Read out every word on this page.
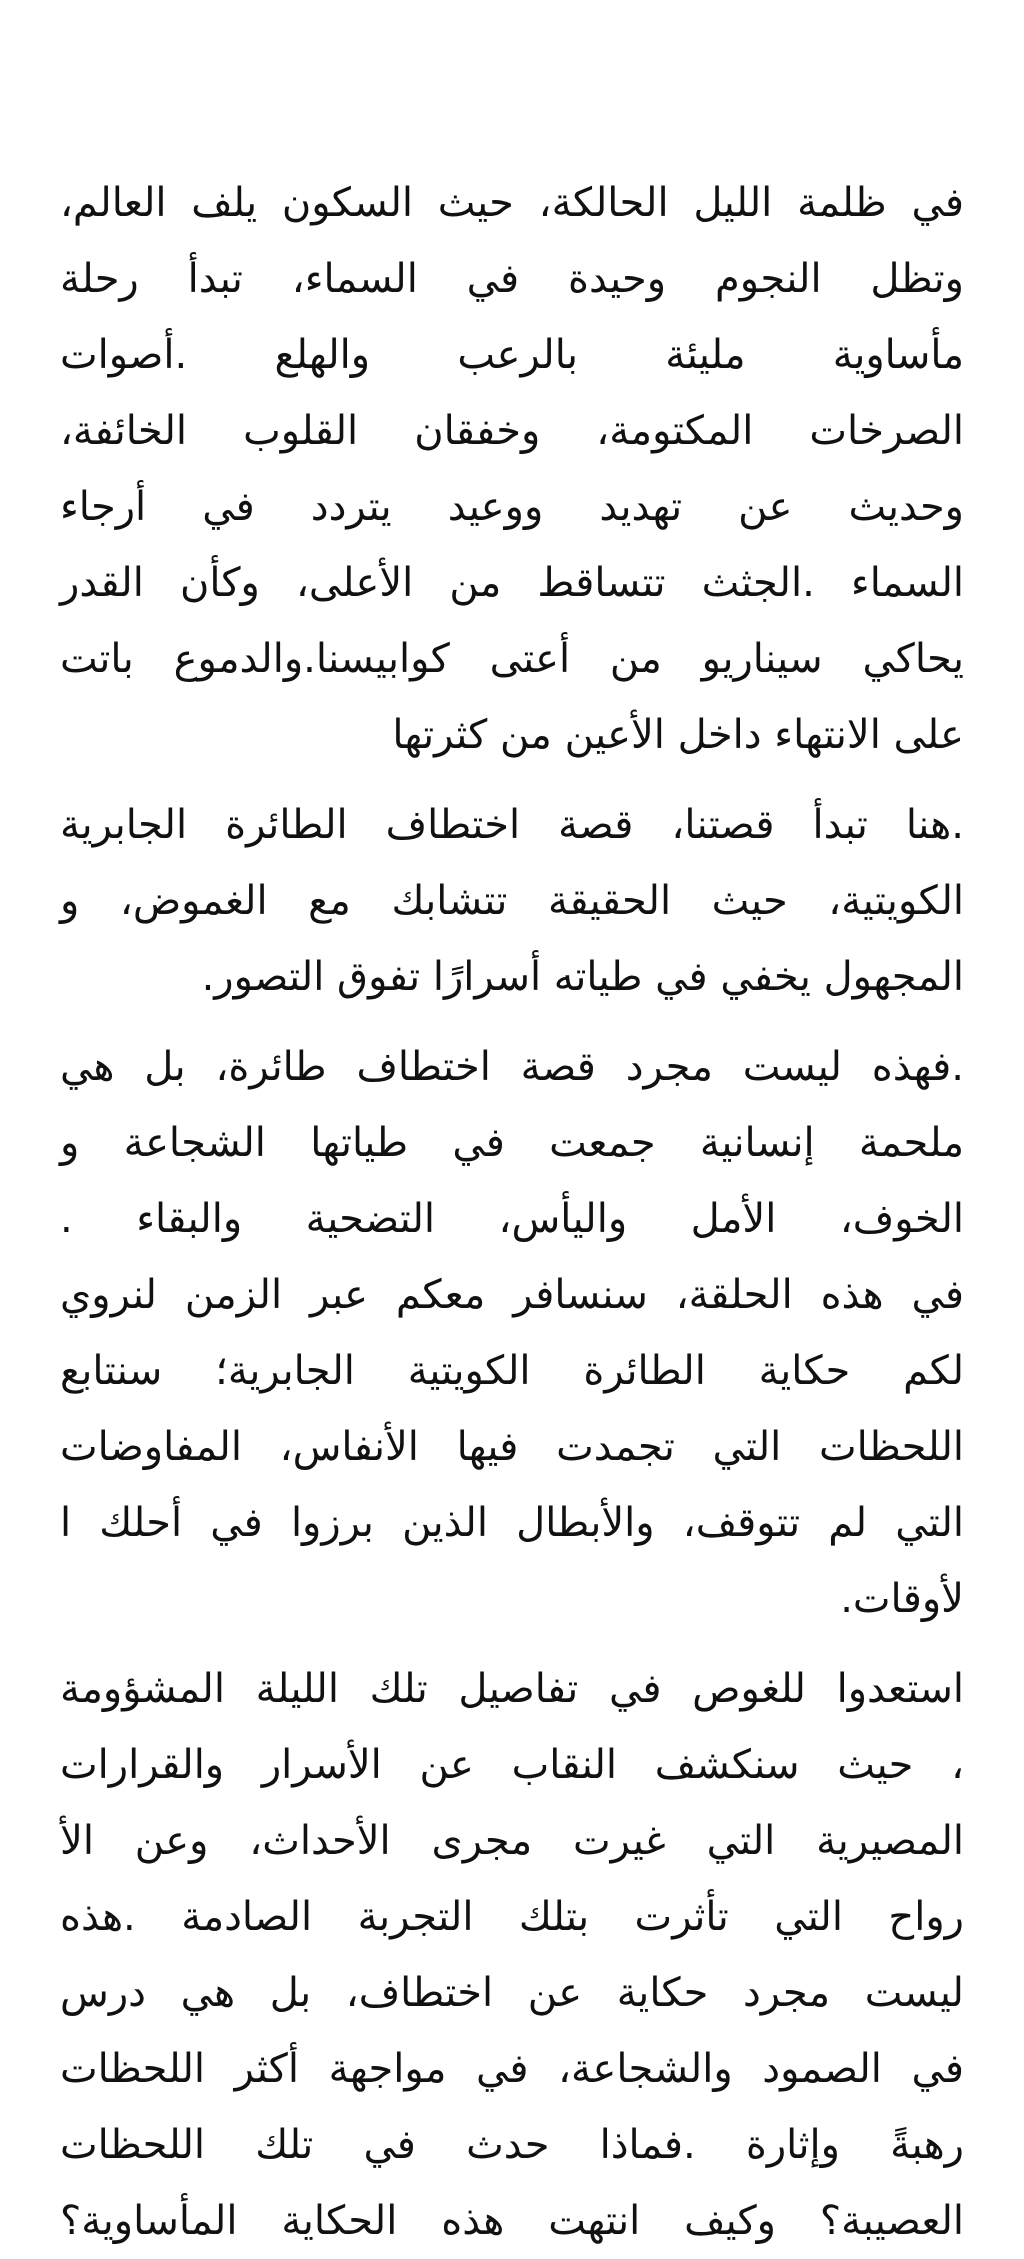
في ظلمة الليل الحالكة، حيث السكون يلف العالم،
وتظل النجوم وحيدة في السماء، تبدأ رحلة
مأساوية مليئة بالرعب والهلع .أصوات
الصرخات المكتومة، وخفقان القلوب الخائفة،
وحديث عن تهديد ووعيد يتردد في أرجاء
السماء .الجثث تتساقط من الأعلى، وكأن القدر
يحاكي سيناريو من أعتى كوابيسنا.والدموع باتت
على الانتهاء داخل الأعين من كثرتها
.هنا تبدأ قصتنا، قصة اختطاف الطائرة الجابرية
الكويتية، حيث الحقيقة تتشابك مع الغموض، و
المجهول يخفي في طياته أسرارًا تفوق التصور.
.فهذه ليست مجرد قصة اختطاف طائرة، بل هي
ملحمة إنسانية جمعت في طياتها الشجاعة و
الخوف، الأمل واليأس، التضحية والبقاء .
في هذه الحلقة، سنسافر معكم عبر الزمن لنروي
لكم حكاية الطائرة الكويتية الجابرية؛ سنتابع
اللحظات التي تجمدت فيها الأنفاس، المفاوضات
التي لم تتوقف، والأبطال الذين برزوا في أحلك ا
لأوقات.
استعدوا للغوص في تفاصيل تلك الليلة المشؤومة
، حيث سنكشف النقاب عن الأسرار والقرارات
المصيرية التي غيرت مجرى الأحداث، وعن الأ
رواح التي تأثرت بتلك التجربة الصادمة .هذه
ليست مجرد حكاية عن اختطاف، بل هي درس
في الصمود والشجاعة، في مواجهة أكثر اللحظات
رهبةً وإثارة .فماذا حدث في تلك اللحظات
العصيبة؟ وكيف انتهت هذه الحكاية المأساوية؟
